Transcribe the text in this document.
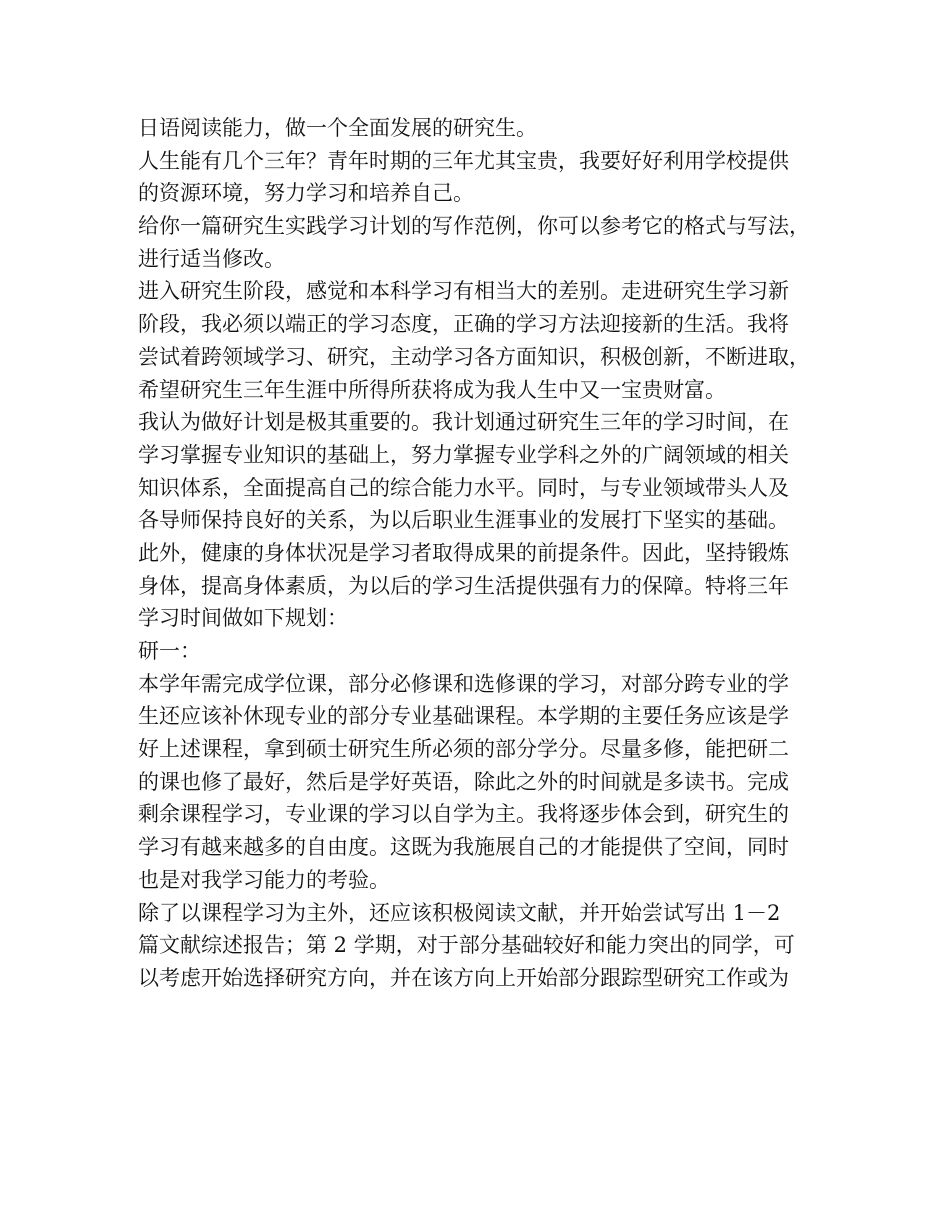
日语阅读能力，做一个全面发展的研究生。
人生能有几个三年？青年时期的三年尤其宝贵，我要好好利用学校提供
的资源环境，努力学习和培养自己。
给你一篇研究生实践学习计划的写作范例，你可以参考它的格式与写法，
进行适当修改。
进入研究生阶段，感觉和本科学习有相当大的差别。走进研究生学习新
阶段，我必须以端正的学习态度，正确的学习方法迎接新的生活。我将
尝试着跨领域学习、研究，主动学习各方面知识，积极创新，不断进取，
希望研究生三年生涯中所得所获将成为我人生中又一宝贵财富。
我认为做好计划是极其重要的。我计划通过研究生三年的学习时间，在
学习掌握专业知识的基础上，努力掌握专业学科之外的广阔领域的相关
知识体系，全面提高自己的综合能力水平。同时，与专业领域带头人及
各导师保持良好的关系，为以后职业生涯事业的发展打下坚实的基础。
此外，健康的身体状况是学习者取得成果的前提条件。因此，坚持锻炼
身体，提高身体素质，为以后的学习生活提供强有力的保障。特将三年
学习时间做如下规划：
研一：
本学年需完成学位课，部分必修课和选修课的学习，对部分跨专业的学
生还应该补休现专业的部分专业基础课程。本学期的主要任务应该是学
好上述课程，拿到硕士研究生所必须的部分学分。尽量多修，能把研二
的课也修了最好，然后是学好英语，除此之外的时间就是多读书。完成
剩余课程学习，专业课的学习以自学为主。我将逐步体会到，研究生的
学习有越来越多的自由度。这既为我施展自己的才能提供了空间，同时
也是对我学习能力的考验。
除了以课程学习为主外，还应该积极阅读文献，并开始尝试写出 1－2
篇文献综述报告；第 2 学期，对于部分基础较好和能力突出的同学，可
以考虑开始选择研究方向，并在该方向上开始部分跟踪型研究工作或为
